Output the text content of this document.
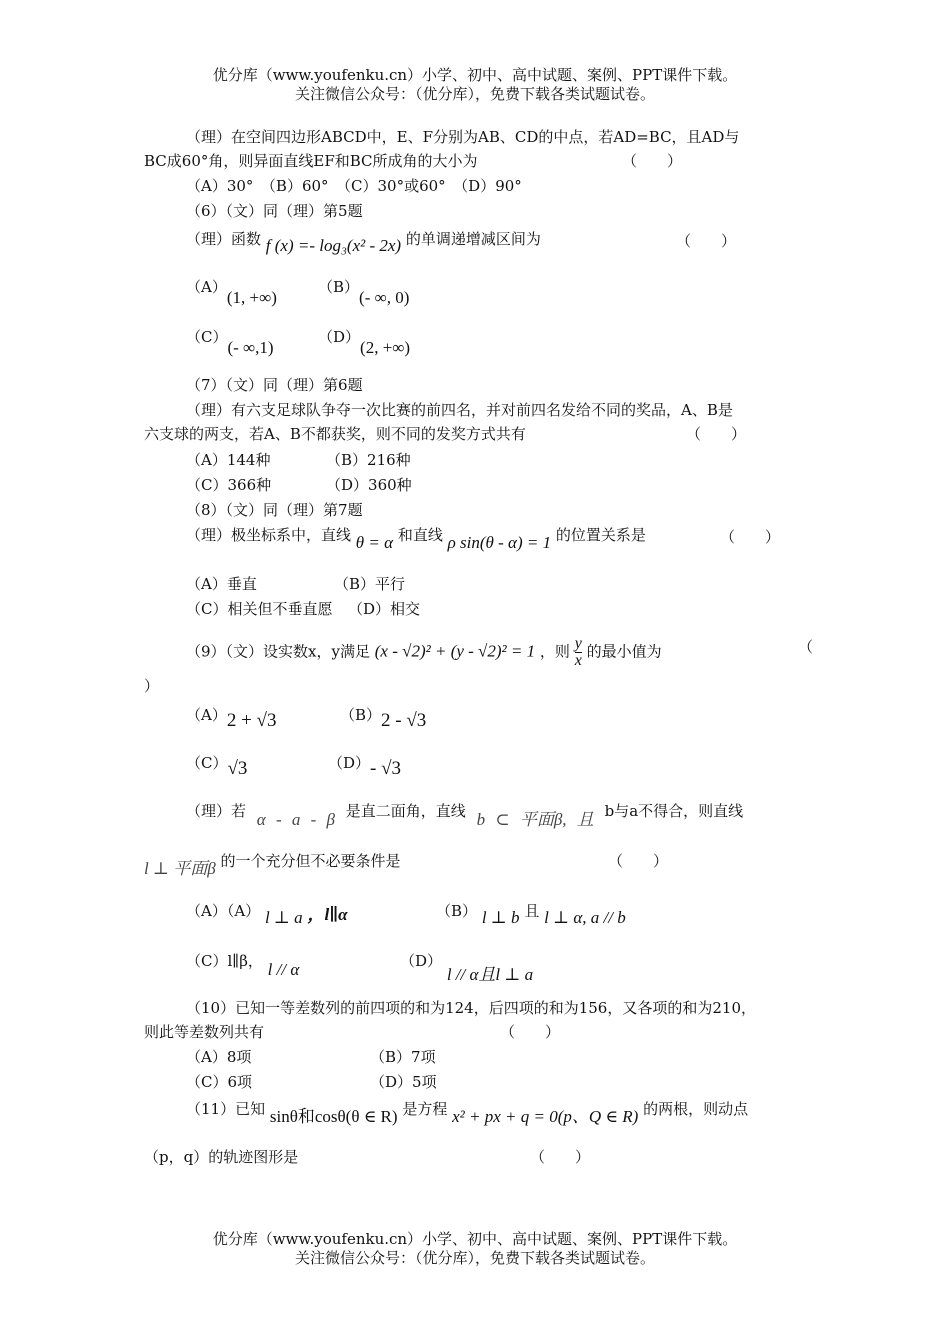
优分库（www.youfenku.cn）小学、初中、高中试题、案例、PPT课件下载。
关注微信公众号：（优分库），免费下载各类试题试卷。
（理）在空间四边形ABCD中，E、F分别为AB、CD的中点，若AD=BC，且AD与
BC成60°角，则异面直线EF和BC所成角的大小为	（　　）
（A）30°　（B）60°　（C）30°或60°　（D）90°
（6）（文）同（理）第5题
（理）函数 f (x) =- log₃(x² - 2x) 的单调递增减区间为	（　　）
（A）(1, +∞)
（B）(- ∞, 0)
（C）(- ∞,1)
（D）(2, +∞)
（7）（文）同（理）第6题
（理）有六支足球队争夺一次比赛的前四名，并对前四名发给不同的奖品，A、B是
六支球的两支，若A、B不都获奖，则不同的发奖方式共有	（　　）
（A）144种	（B）216种
（C）366种	（D）360种
（8）（文）同（理）第7题
（理）极坐标系中，直线 θ = α 和直线 ρ sin(θ - α) = 1 的位置关系是	（　　）
（A）垂直	（B）平行
（C）相关但不垂直愿 （D）相交
（9）（文）设实数x，y满足 (x - √2)² + (y - √2)² = 1 ，则 $\frac{y}{x}$ 的最小值为	（
）
（A）2 + √3	（B）2 - √3
（C）√3	（D）- √3
（理）若 α - a - β 是直二面角，直线 b ⊂ 平面β, 且 b与a不得合，则直线
l ⊥ 平面β 的一个充分但不必要条件是	（　　）
（A）（A） l ⊥ a ，l∥α	（B） l ⊥ b 且 l ⊥ α, a // b
（C）l∥β， l // α	（D） l // α且l ⊥ a
（10）已知一等差数列的前四项的和为124，后四项的和为156，又各项的和为210，
则此等差数列共有	（　　）
（A）8项	（B）7项
（C）6项	（D）5项
（11）已知 sinθ和cosθ(θ ∈ R) 是方程 x² + px + q = 0(p、Q ∈ R) 的两根，则动点
（p，q）的轨迹图形是	（　　）
优分库（www.youfenku.cn）小学、初中、高中试题、案例、PPT课件下载。
关注微信公众号：（优分库），免费下载各类试题试卷。
